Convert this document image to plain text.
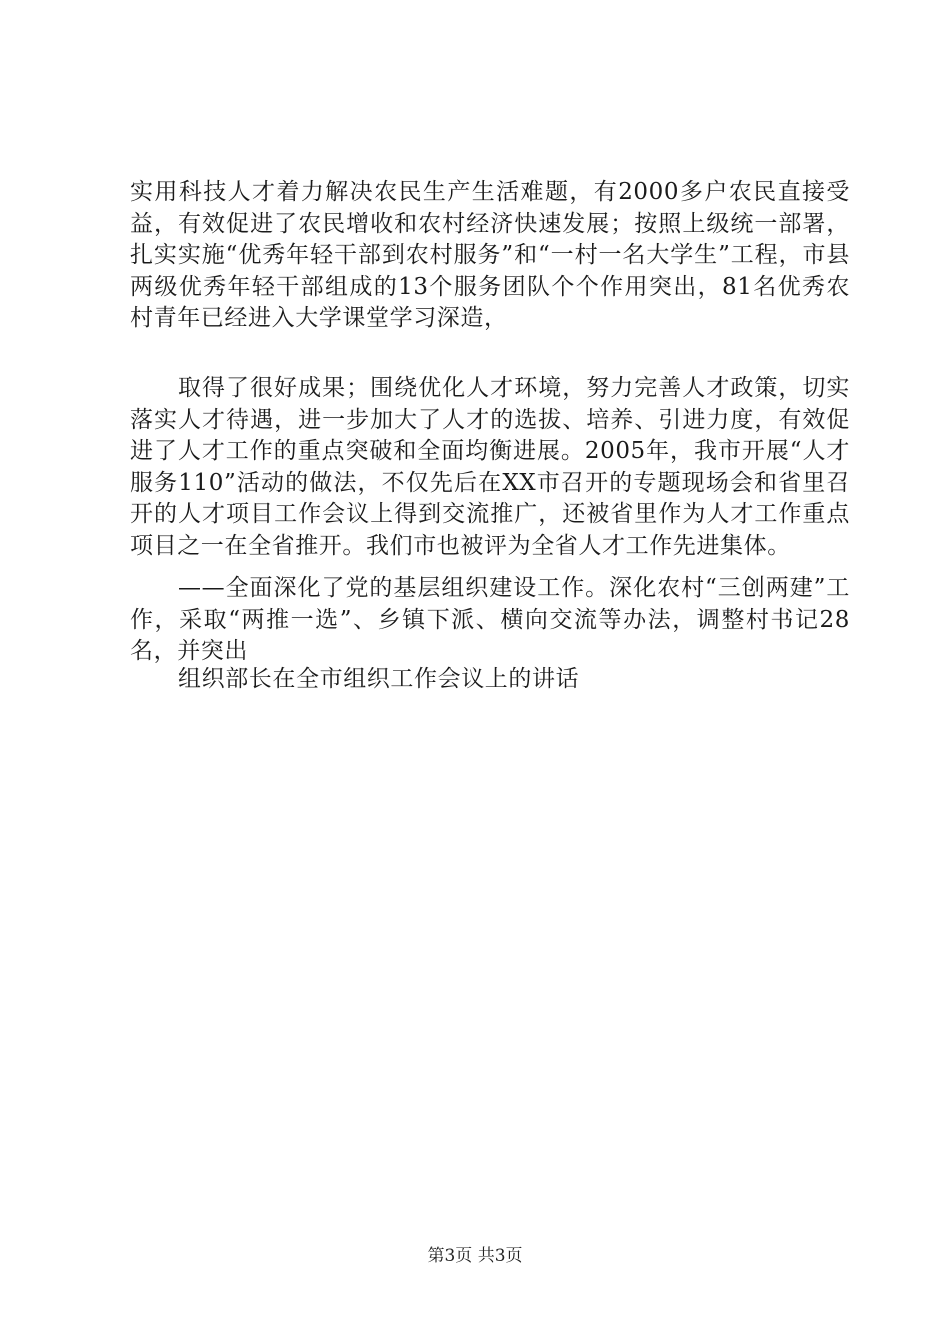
实用科技人才着力解决农民生产生活难题，有2000多户农民直接受益，有效促进了农民增收和农村经济快速发展；按照上级统一部署，扎实实施“优秀年轻干部到农村服务”和“一村一名大学生”工程，市县两级优秀年轻干部组成的13个服务团队个个作用突出，81名优秀农村青年已经进入大学课堂学习深造，

取得了很好成果；围绕优化人才环境，努力完善人才政策，切实落实人才待遇，进一步加大了人才的选拔、培养、引进力度，有效促进了人才工作的重点突破和全面均衡进展。2005年，我市开展“人才服务110”活动的做法，不仅先后在XX市召开的专题现场会和省里召开的人才项目工作会议上得到交流推广，还被省里作为人才工作重点项目之一在全省推开。我们市也被评为全省人才工作先进集体。

——全面深化了党的基层组织建设工作。深化农村“三创两建”工作，采取“两推一选”、乡镇下派、横向交流等办法，调整村书记28名，并突出

组织部长在全市组织工作会议上的讲话

第3页 共3页
